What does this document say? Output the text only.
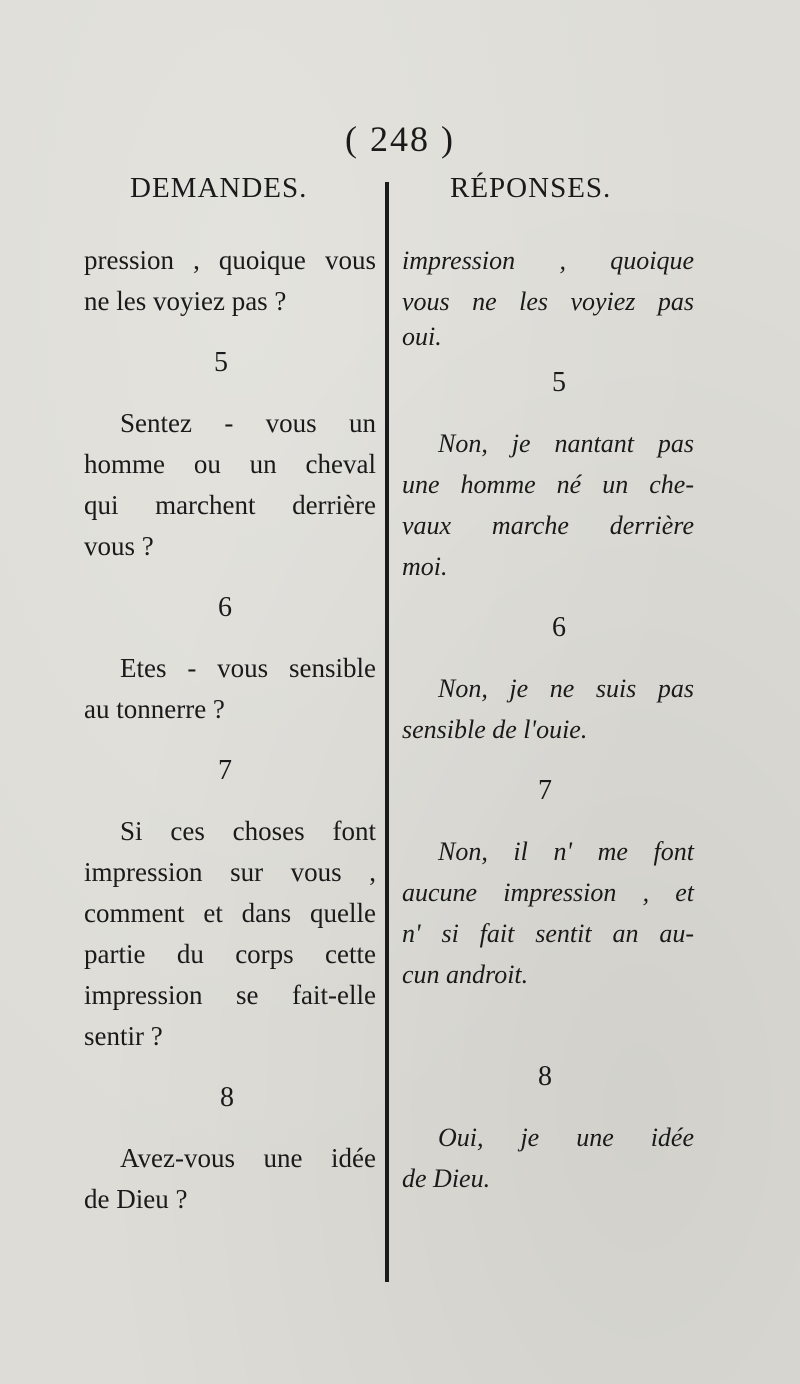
( 248 )
DEMANDES.	RÉPONSES.
pression , quoique vous
ne les voyiez pas ?
5
Sentez - vous un
homme ou un cheval
qui marchent derrière
vous ?
6
Etes - vous sensible
au tonnerre ?
7
Si ces choses font
impression sur vous ,
comment et dans quelle
partie du corps cette
impression se fait-elle
sentir ?
8
Avez-vous une idée
de Dieu ?
impression , quoique
vous ne les voyiez pas
oui.
5
Non, je nantant pas
une homme né un che-
vaux marche derrière
moi.
6
Non, je ne suis pas
sensible de l'ouie.
7
Non, il n' me font
aucune impression , et
n' si fait sentit an au-
cun androit.
8
Oui, je une idée
de Dieu.
